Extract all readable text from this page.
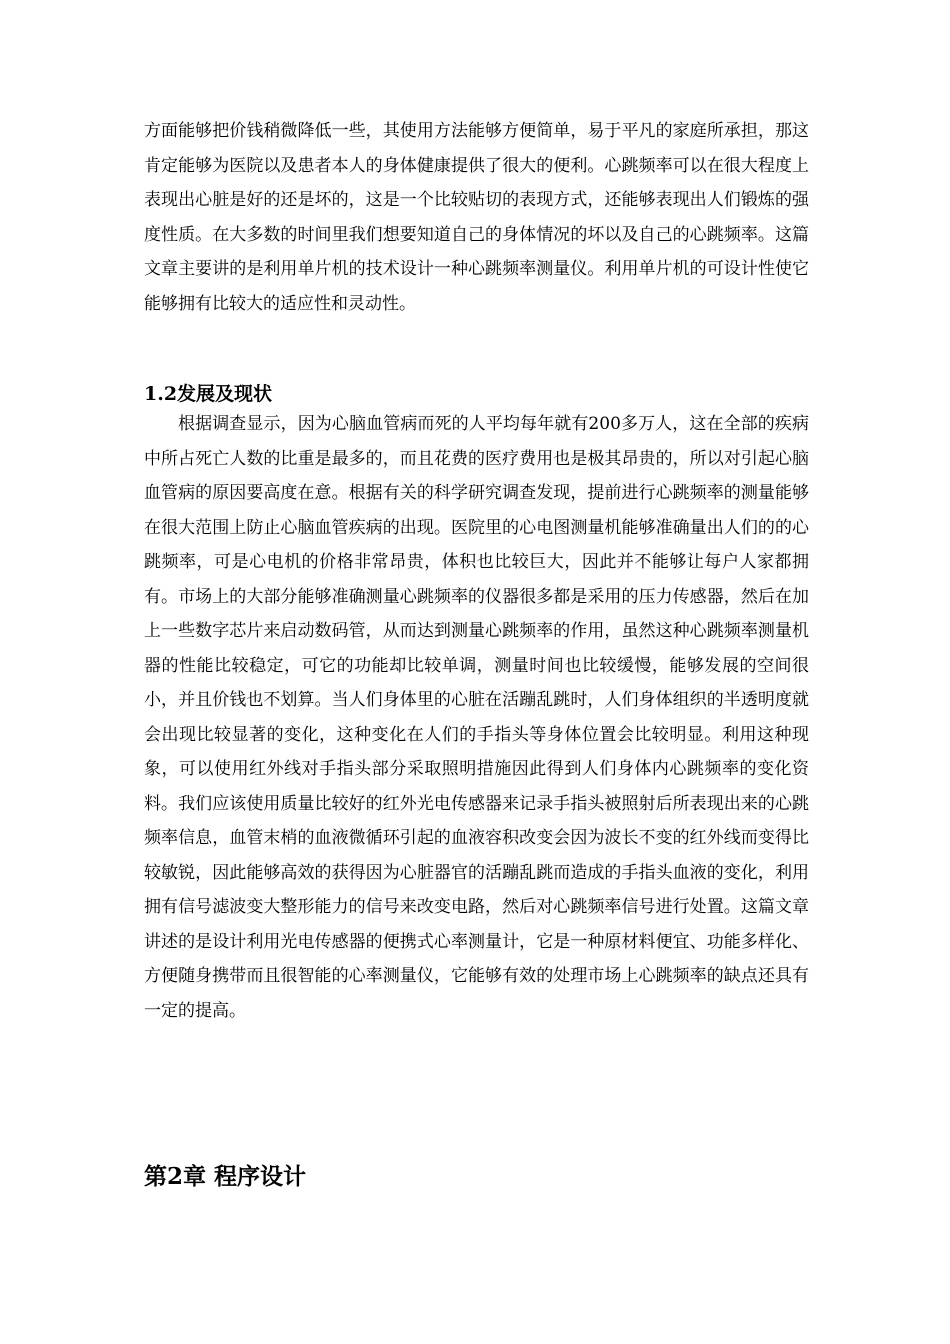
方面能够把价钱稍微降低一些，其使用方法能够方便简单，易于平凡的家庭所承担，那这肯定能够为医院以及患者本人的身体健康提供了很大的便利。心跳频率可以在很大程度上表现出心脏是好的还是坏的，这是一个比较贴切的表现方式，还能够表现出人们锻炼的强度性质。在大多数的时间里我们想要知道自己的身体情况的坏以及自己的心跳频率。这篇文章主要讲的是利用单片机的技术设计一种心跳频率测量仪。利用单片机的可设计性使它能够拥有比较大的适应性和灵动性。

1.2发展及现状

根据调查显示，因为心脑血管病而死的人平均每年就有200多万人，这在全部的疾病中所占死亡人数的比重是最多的，而且花费的医疗费用也是极其昂贵的，所以对引起心脑血管病的原因要高度在意。根据有关的科学研究调查发现，提前进行心跳频率的测量能够在很大范围上防止心脑血管疾病的出现。医院里的心电图测量机能够准确量出人们的的心跳频率，可是心电机的价格非常昂贵，体积也比较巨大，因此并不能够让每户人家都拥有。市场上的大部分能够准确测量心跳频率的仪器很多都是采用的压力传感器，然后在加上一些数字芯片来启动数码管，从而达到测量心跳频率的作用，虽然这种心跳频率测量机器的性能比较稳定，可它的功能却比较单调，测量时间也比较缓慢，能够发展的空间很小，并且价钱也不划算。当人们身体里的心脏在活蹦乱跳时，人们身体组织的半透明度就会出现比较显著的变化，这种变化在人们的手指头等身体位置会比较明显。利用这种现象，可以使用红外线对手指头部分采取照明措施因此得到人们身体内心跳频率的变化资料。我们应该使用质量比较好的红外光电传感器来记录手指头被照射后所表现出来的心跳频率信息，血管末梢的血液微循环引起的血液容积改变会因为波长不变的红外线而变得比较敏锐，因此能够高效的获得因为心脏器官的活蹦乱跳而造成的手指头血液的变化，利用拥有信号滤波变大整形能力的信号来改变电路，然后对心跳频率信号进行处置。这篇文章讲述的是设计利用光电传感器的便携式心率测量计，它是一种原材料便宜、功能多样化、方便随身携带而且很智能的心率测量仪，它能够有效的处理市场上心跳频率的缺点还具有一定的提高。

第2章 程序设计
